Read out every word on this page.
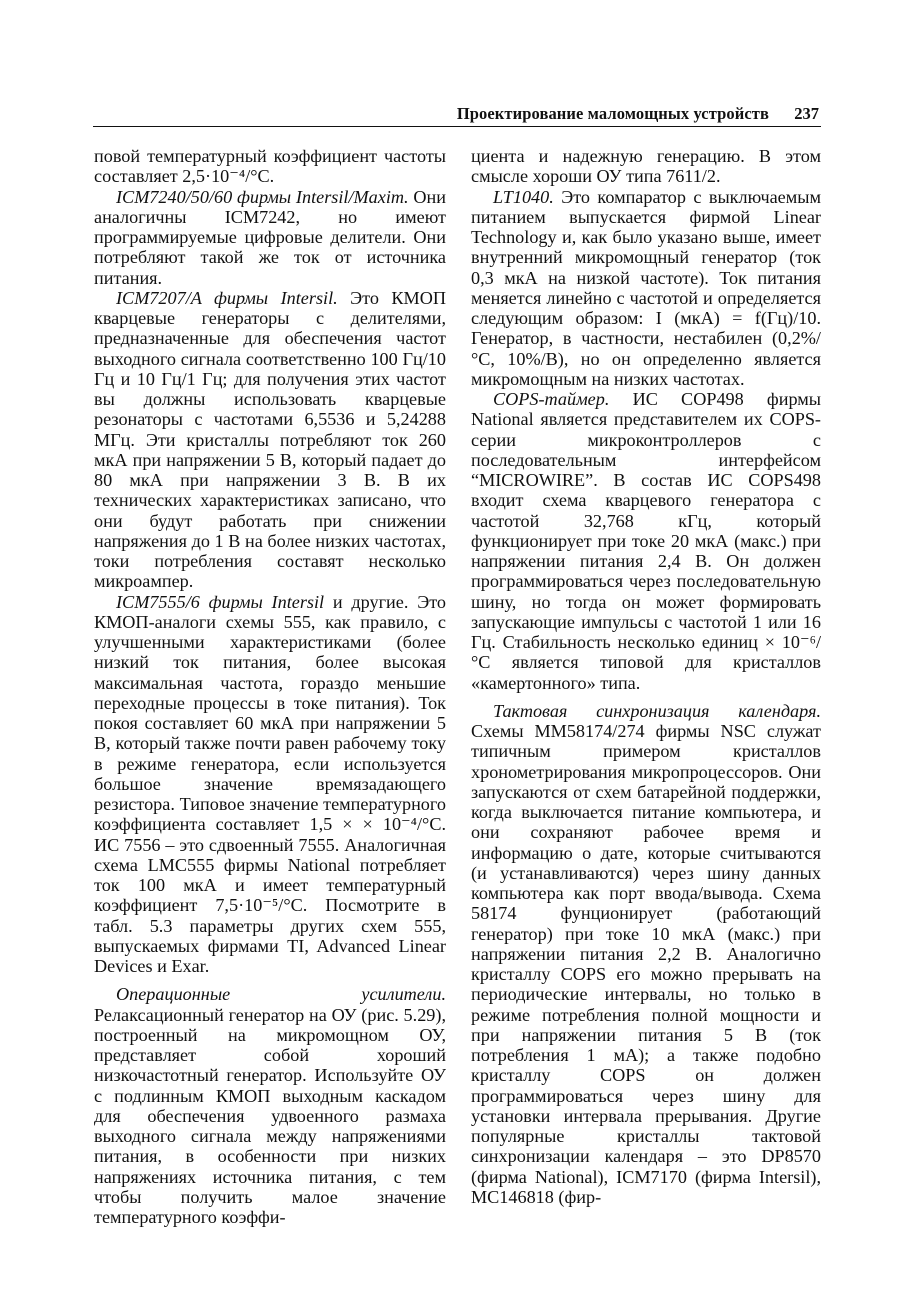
Проектирование маломощных устройств 237

повой температурный коэффициент частоты составляет 2,5·10⁻⁴/°С.

ICM7240/50/60 фирмы Intersil/Maxim. Они аналогичны ICM7242, но имеют программируемые цифровые делители. Они потребляют такой же ток от источника питания.

ICM7207/A фирмы Intersil. Это КМОП кварцевые генераторы с делителями, предназначенные для обеспечения частот выходного сигнала соответственно 100 Гц/10 Гц и 10 Гц/1 Гц; для получения этих частот вы должны использовать кварцевые резонаторы с частотами 6,5536 и 5,24288 МГц. Эти кристаллы потребляют ток 260 мкА при напряжении 5 В, который падает до 80 мкА при напряжении 3 В. В их технических характеристиках записано, что они будут работать при снижении напряжения до 1 В на более низких частотах, токи потребления составят несколько микроампер.

ICM7555/6 фирмы Intersil и другие. Это КМОП-аналоги схемы 555, как правило, с улучшенными характеристиками (более низкий ток питания, более высокая максимальная частота, гораздо меньшие переходные процессы в токе питания). Ток покоя составляет 60 мкА при напряжении 5 В, который также почти равен рабочему току в режиме генератора, если используется большое значение времязадающего резистора. Типовое значение температурного коэффициента составляет 1,5 × × 10⁻⁴/°С. ИС 7556 – это сдвоенный 7555. Аналогичная схема LMC555 фирмы National потребляет ток 100 мкА и имеет температурный коэффициент 7,5·10⁻⁵/°С. Посмотрите в табл. 5.3 параметры других схем 555, выпускаемых фирмами TI, Advanced Linear Devices и Exar.

Операционные усилители. Релаксационный генератор на ОУ (рис. 5.29), построенный на микромощном ОУ, представляет собой хороший низкочастотный генератор. Используйте ОУ с подлинным КМОП выходным каскадом для обеспечения удвоенного размаха выходного сигнала между напряжениями питания, в особенности при низких напряжениях источника питания, с тем чтобы получить малое значение температурного коэффи-

циента и надежную генерацию. В этом смысле хороши ОУ типа 7611/2.

LT1040. Это компаратор с выключаемым питанием выпускается фирмой Linear Technology и, как было указано выше, имеет внутренний микромощный генератор (ток 0,3 мкА на низкой частоте). Ток питания меняется линейно с частотой и определяется следующим образом: I (мкА) = f(Гц)/10. Генератор, в частности, нестабилен (0,2%/°С, 10%/В), но он определенно является микромощным на низких частотах.

COPS-таймер. ИС COP498 фирмы National является представителем их COPS-серии микроконтроллеров с последовательным интерфейсом “MICROWIRE”. В состав ИС COPS498 входит схема кварцевого генератора с частотой 32,768 кГц, который функционирует при токе 20 мкА (макс.) при напряжении питания 2,4 В. Он должен программироваться через последовательную шину, но тогда он может формировать запускающие импульсы с частотой 1 или 16 Гц. Стабильность несколько единиц × 10⁻⁶/°С является типовой для кристаллов «камертонного» типа.

Тактовая синхронизация календаря. Схемы MM58174/274 фирмы NSC служат типичным примером кристаллов хронометрирования микропроцессоров. Они запускаются от схем батарейной поддержки, когда выключается питание компьютера, и они сохраняют рабочее время и информацию о дате, которые считываются (и устанавливаются) через шину данных компьютера как порт ввода/вывода. Схема 58174 фунционирует (работающий генератор) при токе 10 мкА (макс.) при напряжении питания 2,2 В. Аналогично кристаллу COPS его можно прерывать на периодические интервалы, но только в режиме потребления полной мощности и при напряжении питания 5 В (ток потребления 1 мА); а также подобно кристаллу COPS он должен программироваться через шину для установки интервала прерывания. Другие популярные кристаллы тактовой синхронизации календаря – это DP8570 (фирма National), ICM7170 (фирма Intersil), MC146818 (фир-
